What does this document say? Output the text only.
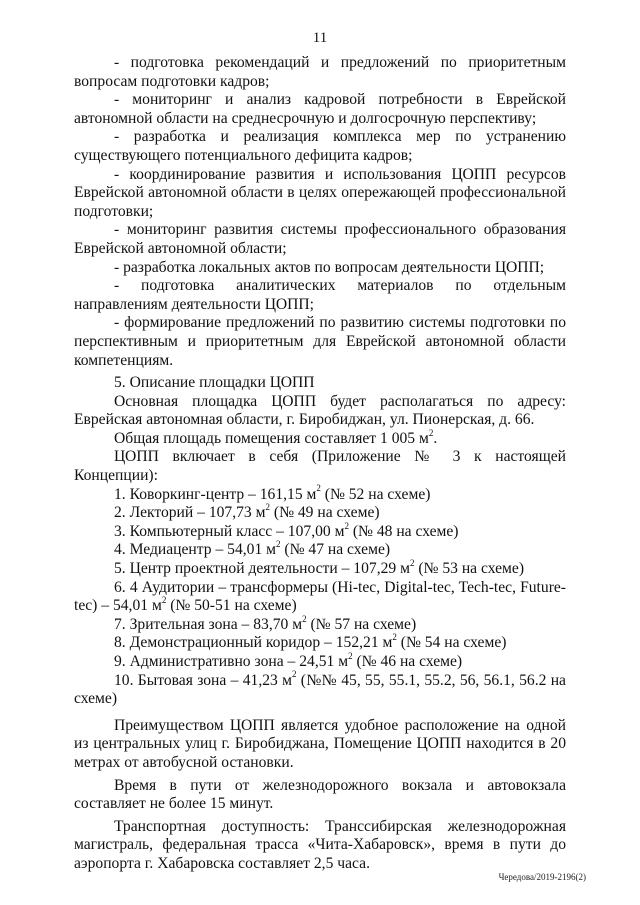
11

- подготовка рекомендаций и предложений по приоритетным вопросам подготовки кадров;

- мониторинг и анализ кадровой потребности в Еврейской автономной области на среднесрочную и долгосрочную перспективу;

- разработка и реализация комплекса мер по устранению существующего потенциального дефицита кадров;

- координирование развития и использования ЦОПП ресурсов Еврейской автономной области в целях опережающей профессиональной подготовки;

- мониторинг развития системы профессионального образования Еврейской автономной области;

- разработка локальных актов по вопросам деятельности ЦОПП;

- подготовка аналитических материалов по отдельным направлениям деятельности ЦОПП;

- формирование предложений по развитию системы подготовки по перспективным и приоритетным для Еврейской автономной области компетенциям.

5. Описание площадки ЦОПП

Основная площадка ЦОПП будет располагаться по адресу: Еврейская автономная области, г. Биробиджан, ул. Пионерская, д. 66.

Общая площадь помещения составляет 1 005 $м^2$.

ЦОПП включает в себя (Приложение № 3 к настоящей Концепции):

1. Коворкинг-центр – 161,15 $м^2$ (№ 52 на схеме)

2. Лекторий – 107,73 $м^2$ (№ 49 на схеме)

3. Компьютерный класс – 107,00 $м^2$ (№ 48 на схеме)

4. Медиацентр – 54,01 $м^2$ (№ 47 на схеме)

5. Центр проектной деятельности – 107,29 $м^2$ (№ 53 на схеме)

6. 4 Аудитории – трансформеры (Hi-tec, Digital-tec, Tech-tec, Future-tec) – 54,01 $м^2$ (№ 50-51 на схеме)

7. Зрительная зона – 83,70 $м^2$ (№ 57 на схеме)

8. Демонстрационный коридор – 152,21 $м^2$ (№ 54 на схеме)

9. Административно зона – 24,51 $м^2$ (№ 46 на схеме)

10. Бытовая зона – 41,23 $м^2$ (№№ 45, 55, 55.1, 55.2, 56, 56.1, 56.2 на схеме)

Преимуществом ЦОПП является удобное расположение на одной из центральных улиц г. Биробиджана, Помещение ЦОПП находится в 20 метрах от автобусной остановки.

Время в пути от железнодорожного вокзала и автовокзала составляет не более 15 минут.

Транспортная доступность: Транссибирская железнодорожная магистраль, федеральная трасса «Чита-Хабаровск», время в пути до аэропорта г. Хабаровска составляет 2,5 часа.

Чередова/2019-2196(2)
